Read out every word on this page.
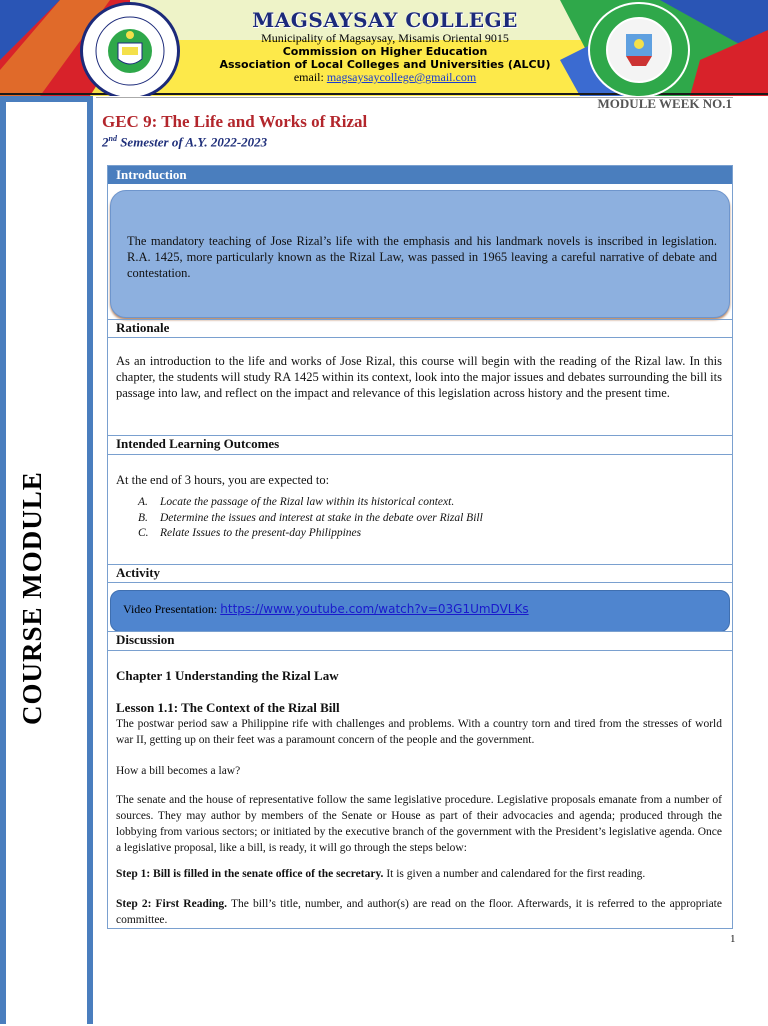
MAGSAYSAY COLLEGE
Municipality of Magsaysay, Misamis Oriental 9015
Commission on Higher Education
Association of Local Colleges and Universities (ALCU)
email: magsaysaycollege@gmail.com
COURSE MODULE
MODULE WEEK NO.1
GEC 9: The Life and Works of Rizal
2nd Semester of A.Y. 2022-2023
Introduction
The mandatory teaching of Jose Rizal’s life with the emphasis and his landmark novels is inscribed in legislation. R.A. 1425, more particularly known as the Rizal Law, was passed in 1965 leaving a careful narrative of debate and contestation.
Rationale
As an introduction to the life and works of Jose Rizal, this course will begin with the reading of the Rizal law. In this chapter, the students will study RA 1425 within its context, look into the major issues and debates surrounding the bill its passage into law, and reflect on the impact and relevance of this legislation across history and the present time.
Intended Learning Outcomes
At the end of 3 hours, you are expected to:
A. Locate the passage of the Rizal law within its historical context.
B. Determine the issues and interest at stake in the debate over Rizal Bill
C. Relate Issues to the present-day Philippines
Activity
Video Presentation: https://www.youtube.com/watch?v=03G1UmDVLKs
Discussion
Chapter 1 Understanding the Rizal Law
Lesson 1.1: The Context of the Rizal Bill
The postwar period saw a Philippine rife with challenges and problems. With a country torn and tired from the stresses of world war II, getting up on their feet was a paramount concern of the people and the government.
How a bill becomes a law?
The senate and the house of representative follow the same legislative procedure. Legislative proposals emanate from a number of sources. They may author by members of the Senate or House as part of their advocacies and agenda; produced through the lobbying from various sectors; or initiated by the executive branch of the government with the President’s legislative agenda. Once a legislative proposal, like a bill, is ready, it will go through the steps below:
Step 1: Bill is filled in the senate office of the secretary. It is given a number and calendared for the first reading.
Step 2: First Reading. The bill’s title, number, and author(s) are read on the floor. Afterwards, it is referred to the appropriate committee.
1
